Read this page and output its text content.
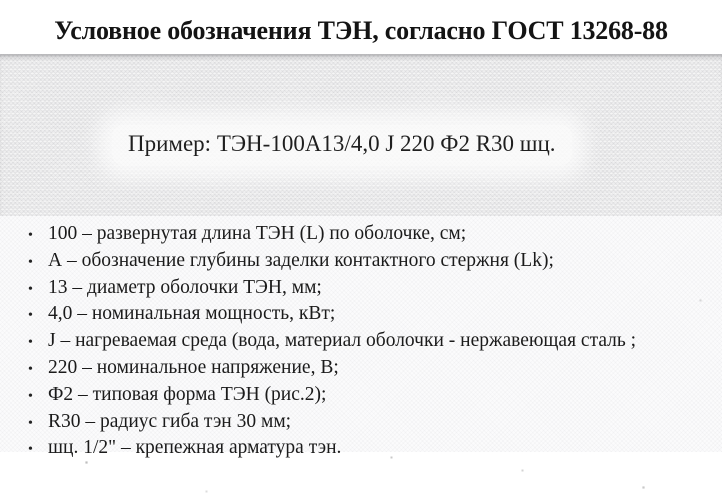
Условное обозначения ТЭН, согласно ГОСТ 13268-88

Пример: ТЭН-100А13/4,0 J 220 Ф2 R30 шц.

• 100 – развернутая длина ТЭН (L) по оболочке, см;
• А – обозначение глубины заделки контактного стержня (Lk);
• 13 – диаметр оболочки ТЭН, мм;
• 4,0 – номинальная мощность, кВт;
• J – нагреваемая среда (вода, материал оболочки - нержавеющая сталь ;
• 220 – номинальное напряжение, В;
• Ф2 – типовая форма ТЭН (рис.2);
• R30 – радиус гиба тэн 30 мм;
• шц. 1/2" – крепежная арматура тэн.
